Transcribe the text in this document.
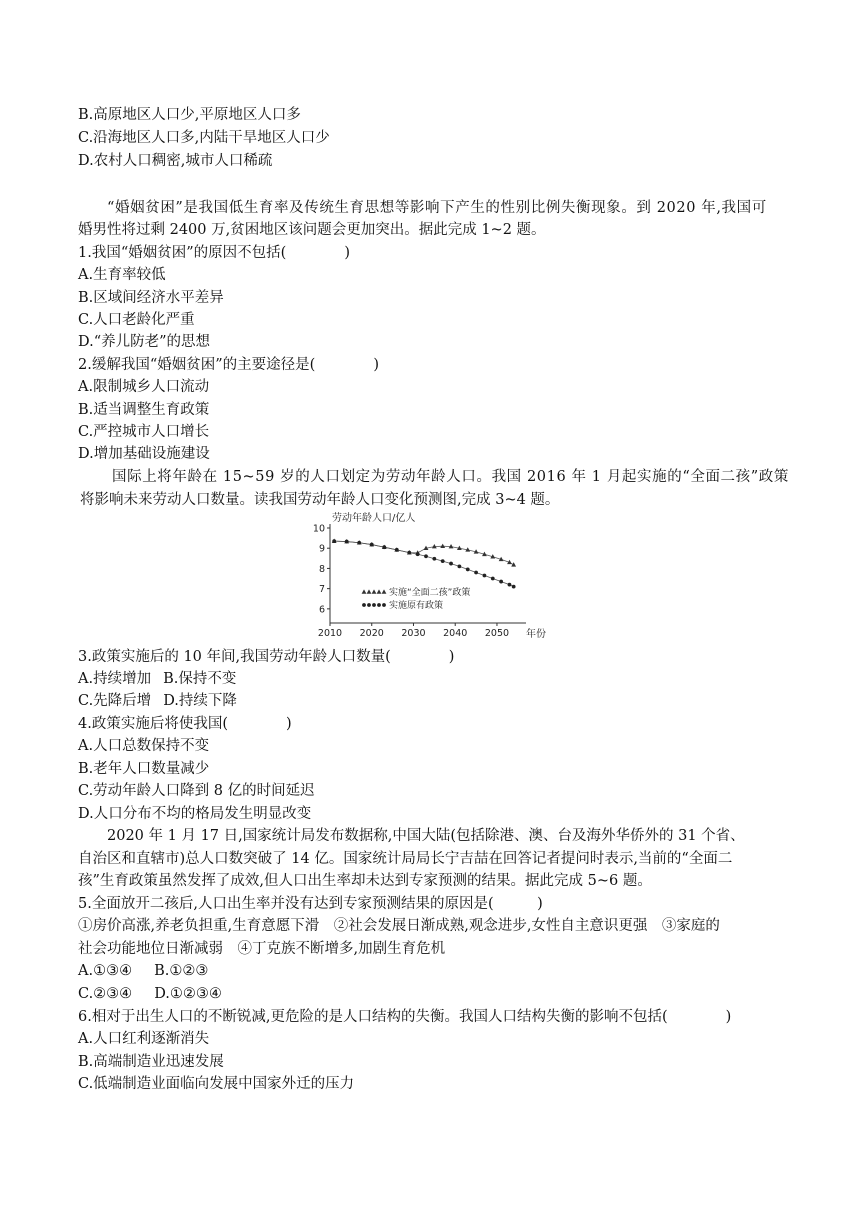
B.高原地区人口少,平原地区人口多
C.沿海地区人口多,内陆干旱地区人口少
D.农村人口稠密,城市人口稀疏
“婚姻贫困”是我国低生育率及传统生育思想等影响下产生的性别比例失衡现象。到 2020 年,我国可
婚男性将过剩 2400 万,贫困地区该问题会更加突出。据此完成 1~2 题。
1.我国“婚姻贫困”的原因不包括(　　　　)
A.生育率较低
B.区域间经济水平差异
C.人口老龄化严重
D.“养儿防老”的思想
2.缓解我国“婚姻贫困”的主要途径是(　　　　)
A.限制城乡人口流动
B.适当调整生育政策
C.严控城市人口增长
D.增加基础设施建设
国际上将年龄在 15~59 岁的人口划定为劳动年龄人口。我国 2016 年 1 月起实施的“全面二孩”政策
将影响未来劳动人口数量。读我国劳动年龄人口变化预测图,完成 3~4 题。
劳动年龄人口/亿人
年份
6
7
8
9
10
2010 2020 2030 2040 2050
实施“全面二孩”政策
实施原有政策
3.政策实施后的 10 年间,我国劳动年龄人口数量(　　　　)
A.持续增加 B.保持不变
C.先降后增 D.持续下降
4.政策实施后将使我国(　　　　)
A.人口总数保持不变
B.老年人口数量减少
C.劳动年龄人口降到 8 亿的时间延迟
D.人口分布不均的格局发生明显改变
2020 年 1 月 17 日,国家统计局发布数据称,中国大陆(包括除港、澳、台及海外华侨外的 31 个省、
自治区和直辖市)总人口数突破了 14 亿。国家统计局局长宁吉喆在回答记者提问时表示,当前的“全面二
孩”生育政策虽然发挥了成效,但人口出生率却未达到专家预测的结果。据此完成 5~6 题。
5.全面放开二孩后,人口出生率并没有达到专家预测结果的原因是(　　　)
①房价高涨,养老负担重,生育意愿下滑　②社会发展日渐成熟,观念进步,女性自主意识更强　③家庭的
社会功能地位日渐减弱　④丁克族不断增多,加剧生育危机
A.①③④ B.①②③
C.②③④ D.①②③④
6.相对于出生人口的不断锐减,更危险的是人口结构的失衡。我国人口结构失衡的影响不包括(　　　　)
A.人口红利逐渐消失
B.高端制造业迅速发展
C.低端制造业面临向发展中国家外迁的压力
